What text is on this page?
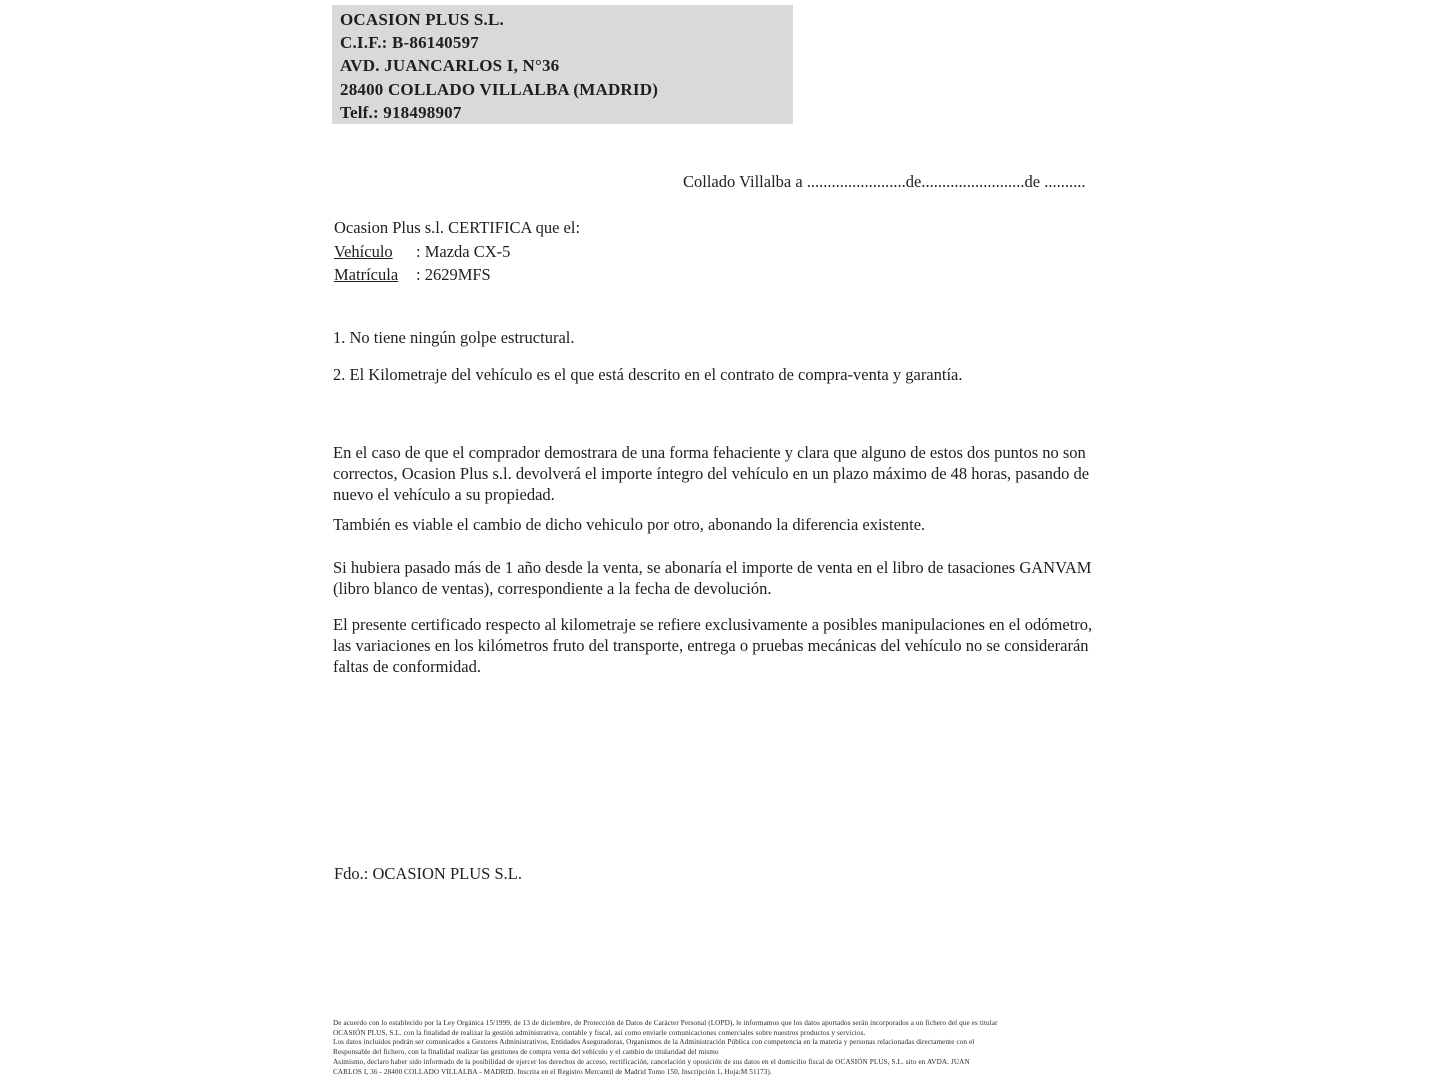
OCASION PLUS S.L.
C.I.F.: B-86140597
AVD. JUANCARLOS I, N°36
28400 COLLADO VILLALBA (MADRID)
Telf.: 918498907
Collado Villalba a ........................de.........................de ..........
Ocasion Plus s.l. CERTIFICA que el:
Vehículo : Mazda CX-5
Matrícula : 2629MFS
1. No tiene ningún golpe estructural.
2. El Kilometraje del vehículo es el que está descrito en el contrato de compra-venta y garantía.
En el caso de que el comprador demostrara de una forma fehaciente y clara que alguno de estos dos puntos no son correctos, Ocasion Plus s.l. devolverá el importe íntegro del vehículo en un plazo máximo de 48 horas, pasando de nuevo el vehículo a su propiedad.
También es viable el cambio de dicho vehiculo por otro, abonando la diferencia existente.
Si hubiera pasado más de 1 año desde la venta, se abonaría el importe de venta en el libro de tasaciones GANVAM (libro blanco de ventas), correspondiente a la fecha de devolución.
El presente certificado respecto al kilometraje se refiere exclusivamente a posibles manipulaciones en el odómetro, las variaciones en los kilómetros fruto del transporte, entrega o pruebas mecánicas del vehículo no se considerarán faltas de conformidad.
Fdo.: OCASION PLUS S.L.
De acuerdo con lo establecido por la Ley Orgánica 15/1999, de 13 de diciembre, de Protección de Datos de Carácter Personal (LOPD), le informamos que los datos aportados serán incorporados a un fichero del que es titular
OCASIÓN PLUS, S.L. con la finalidad de realizar la gestión administrativa, contable y fiscal, así como enviarle comunicaciones comerciales sobre nuestros productos y servicios.
Los datos incluidos podrán ser comunicados a Gestores Administrativos, Entidades Aseguradoras, Organismos de la Administración Pública con competencia en la materia y personas relacionadas directamente con el
Responsable del fichero, con la finalidad realizar las gestiones de compra venta del vehículo y el cambio de titularidad del mismo
Asimismo, declaro haber sido informado de la posibilidad de ejercer los derechos de acceso, rectificación, cancelación y oposición de sus datos en el domicilio fiscal de OCASIÓN PLUS, S.L. sito en AVDA. JUAN
CARLOS I, 36 - 28400 COLLADO VILLALBA - MADRID. Inscrita en el Registro Mercantil de Madrid Tomo 150, Inscripción 1, Hoja:M 51173).
